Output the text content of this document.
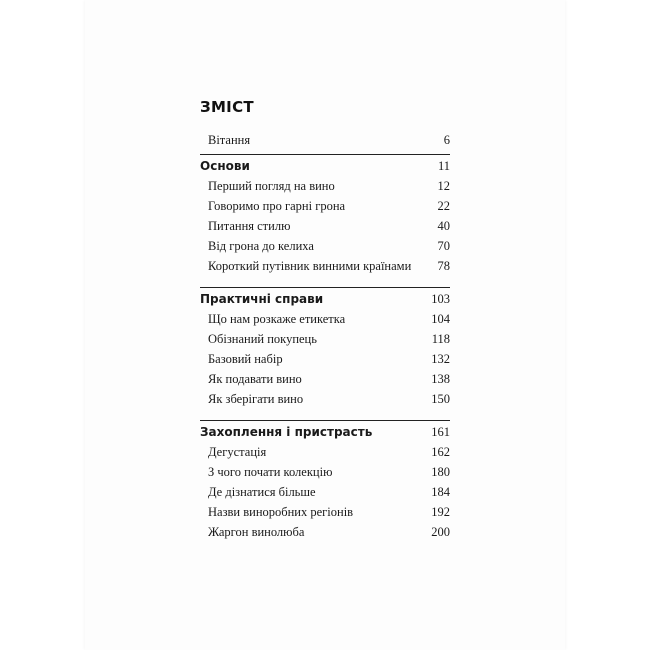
ЗМІСТ
Вітання	6
Основи	11
Перший погляд на вино	12
Говоримо про гарні грона	22
Питання стилю	40
Від грона до келиха	70
Короткий путівник винними країнами 78
Практичні справи	103
Що нам розкаже етикетка	104
Обізнаний покупець	118
Базовий набір	132
Як подавати вино	138
Як зберігати вино	150
Захоплення і пристрасть	161
Дегустація	162
З чого почати колекцію	180
Де дізнатися більше	184
Назви виноробних регіонів	192
Жаргон винолюба	200
